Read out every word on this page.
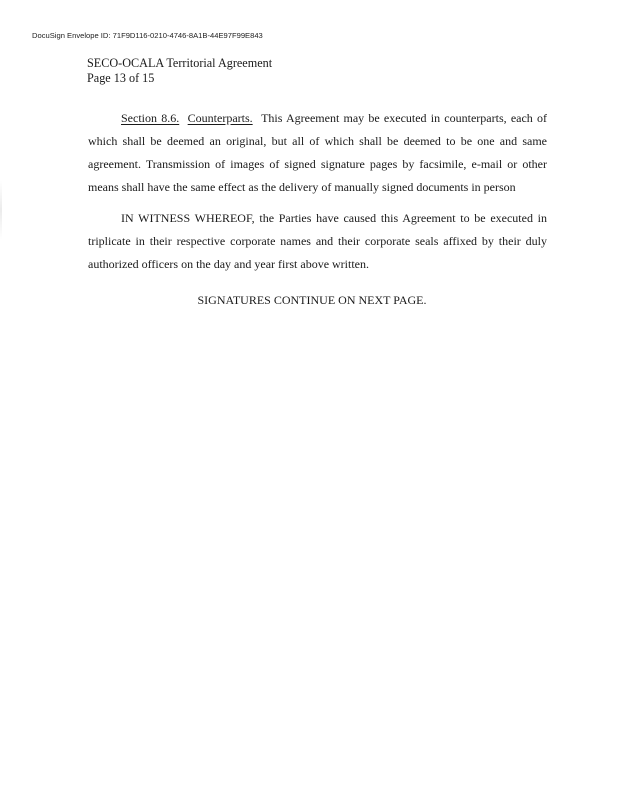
DocuSign Envelope ID: 71F9D116-0210-4746-8A1B-44E97F99E843
SECO-OCALA Territorial Agreement
Page 13 of 15
Section 8.6. Counterparts. This Agreement may be executed in counterparts, each of which shall be deemed an original, but all of which shall be deemed to be one and same agreement. Transmission of images of signed signature pages by facsimile, e-mail or other means shall have the same effect as the delivery of manually signed documents in person
IN WITNESS WHEREOF, the Parties have caused this Agreement to be executed in triplicate in their respective corporate names and their corporate seals affixed by their duly authorized officers on the day and year first above written.
SIGNATURES CONTINUE ON NEXT PAGE.
